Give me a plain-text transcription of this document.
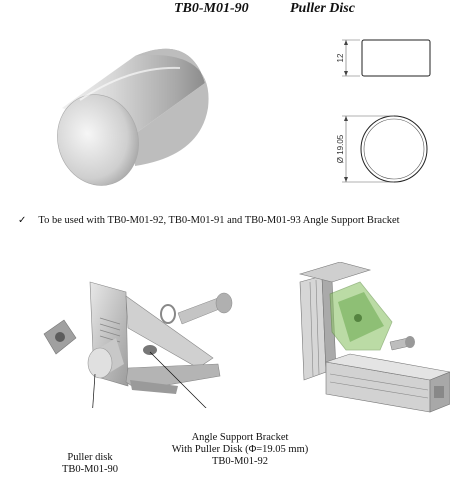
TB0-M01-90	Puller Disc
12
Ø 19.05
✓ To be used with TB0-M01-92, TB0-M01-91 and TB0-M01-93 Angle Support Bracket
Puller disk
TB0-M01-90
Angle Support Bracket
With Puller Disk (Φ=19.05 mm)
TB0-M01-92
